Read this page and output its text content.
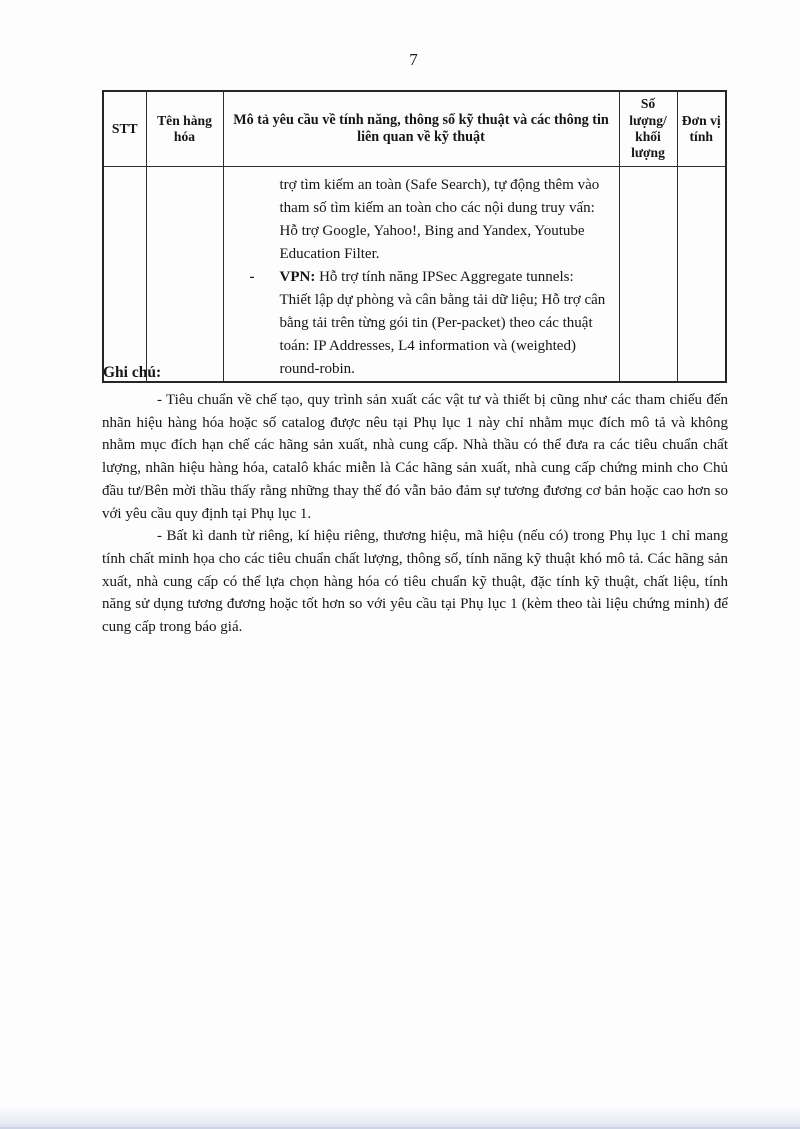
7
STT	Tên hàng hóa	Mô tả yêu cầu về tính năng, thông số kỹ thuật và các thông tin liên quan về kỹ thuật	Số lượng/ khối lượng	Đơn vị tính

		trợ tìm kiếm an toàn (Safe Search), tự động thêm vào tham số tìm kiếm an toàn cho các nội dung truy vấn: Hỗ trợ Google, Yahoo!, Bing and Yandex, Youtube Education Filter.
- VPN: Hỗ trợ tính năng IPSec Aggregate tunnels: Thiết lập dự phòng và cân bằng tải dữ liệu; Hỗ trợ cân bằng tải trên từng gói tin (Per-packet) theo các thuật toán: IP Addresses, L4 information và (weighted) round-robin.		

Ghi chú:

- Tiêu chuẩn về chế tạo, quy trình sản xuất các vật tư và thiết bị cũng như các tham chiếu đến nhãn hiệu hàng hóa hoặc số catalog được nêu tại Phụ lục 1 này chỉ nhằm mục đích mô tả và không nhằm mục đích hạn chế các hãng sản xuất, nhà cung cấp. Nhà thầu có thể đưa ra các tiêu chuẩn chất lượng, nhãn hiệu hàng hóa, catalô khác miễn là Các hãng sản xuất, nhà cung cấp chứng minh cho Chủ đầu tư/Bên mời thầu thấy rằng những thay thế đó vẫn bảo đảm sự tương đương cơ bản hoặc cao hơn so với yêu cầu quy định tại Phụ lục 1.

- Bất kì danh từ riêng, kí hiệu riêng, thương hiệu, mã hiệu (nếu có) trong Phụ lục 1 chỉ mang tính chất minh họa cho các tiêu chuẩn chất lượng, thông số, tính năng kỹ thuật khó mô tả. Các hãng sản xuất, nhà cung cấp có thể lựa chọn hàng hóa có tiêu chuẩn kỹ thuật, đặc tính kỹ thuật, chất liệu, tính năng sử dụng tương đương hoặc tốt hơn so với yêu cầu tại Phụ lục 1 (kèm theo tài liệu chứng minh) để cung cấp trong báo giá.
